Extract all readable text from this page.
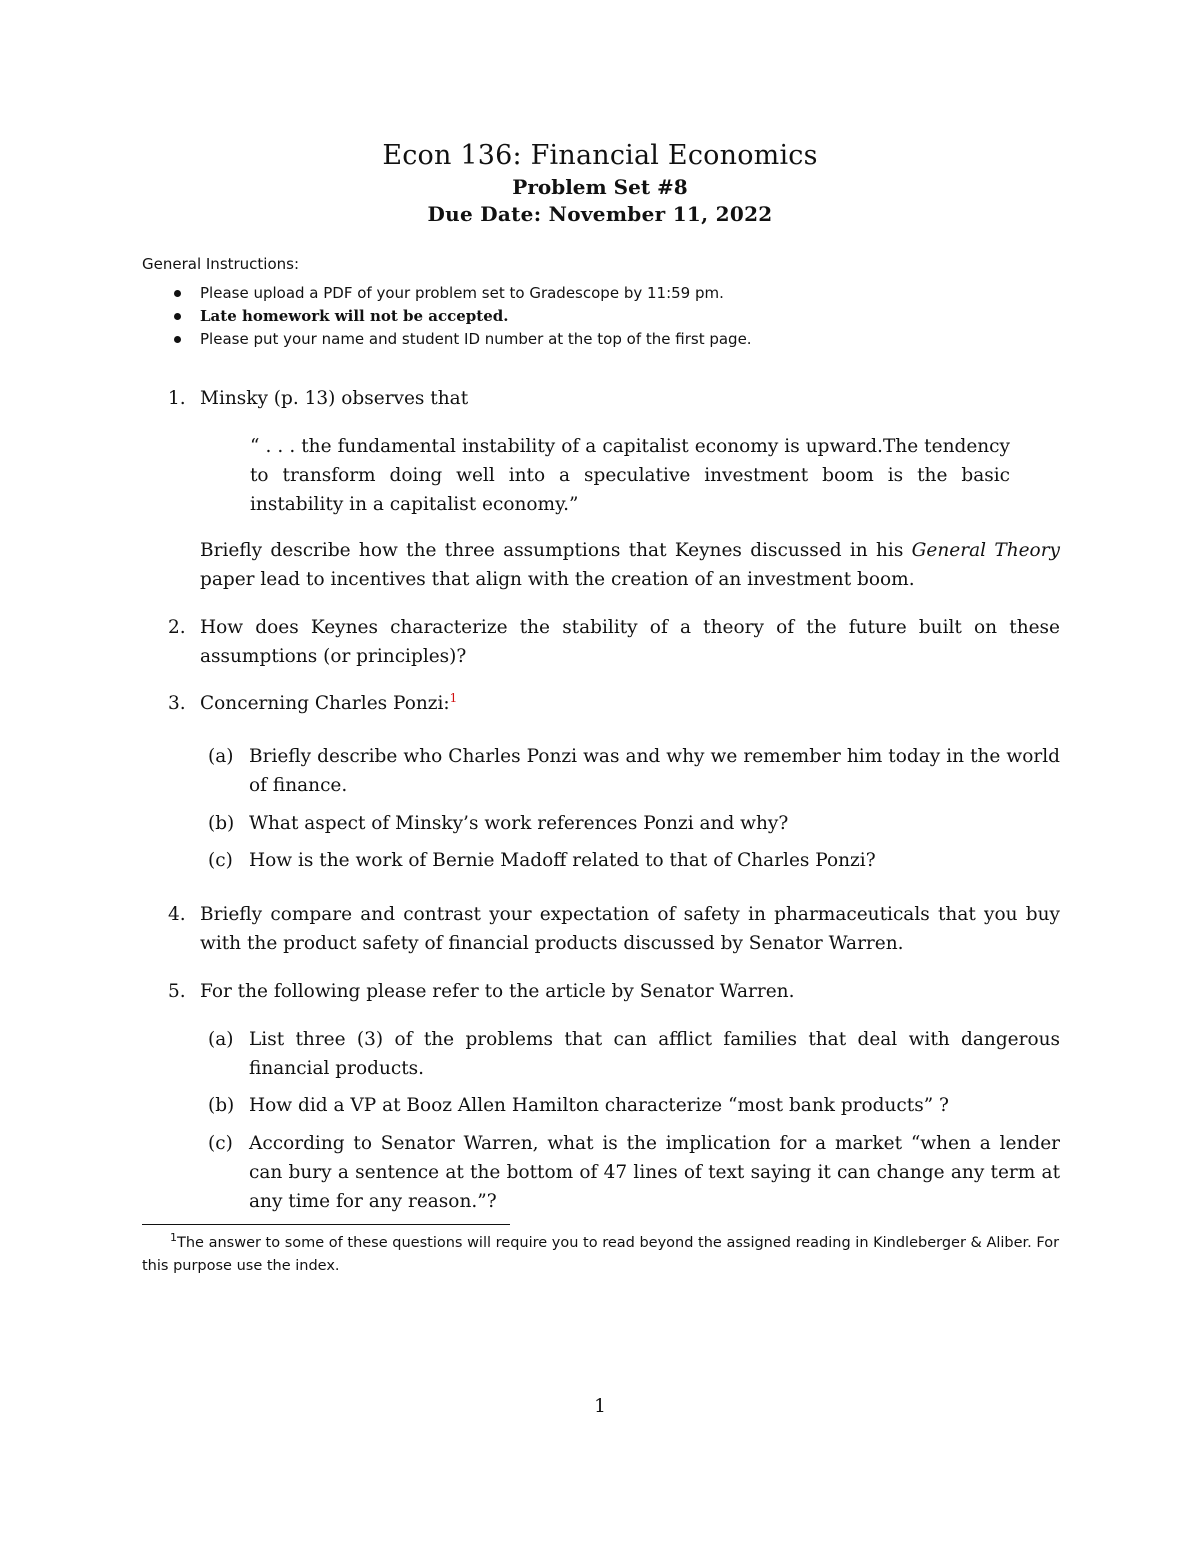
Econ 136: Financial Economics
Problem Set #8
Due Date: November 11, 2022
General Instructions:
Please upload a PDF of your problem set to Gradescope by 11:59 pm.
Late homework will not be accepted.
Please put your name and student ID number at the top of the first page.
1. Minsky (p. 13) observes that
“ . . . the fundamental instability of a capitalist economy is upward.The tendency to transform doing well into a speculative investment boom is the basic instability in a capitalist economy.”
Briefly describe how the three assumptions that Keynes discussed in his General Theory paper lead to incentives that align with the creation of an investment boom.
2. How does Keynes characterize the stability of a theory of the future built on these assumptions (or principles)?
3. Concerning Charles Ponzi:$^1$
(a) Briefly describe who Charles Ponzi was and why we remember him today in the world of finance.
(b) What aspect of Minsky’s work references Ponzi and why?
(c) How is the work of Bernie Madoff related to that of Charles Ponzi?
4. Briefly compare and contrast your expectation of safety in pharmaceuticals that you buy with the product safety of financial products discussed by Senator Warren.
5. For the following please refer to the article by Senator Warren.
(a) List three (3) of the problems that can afflict families that deal with dangerous financial products.
(b) How did a VP at Booz Allen Hamilton characterize “most bank products” ?
(c) According to Senator Warren, what is the implication for a market “when a lender can bury a sentence at the bottom of 47 lines of text saying it can change any term at any time for any reason.”?
$^1$The answer to some of these questions will require you to read beyond the assigned reading in Kindleberger & Aliber. For this purpose use the index.
1
